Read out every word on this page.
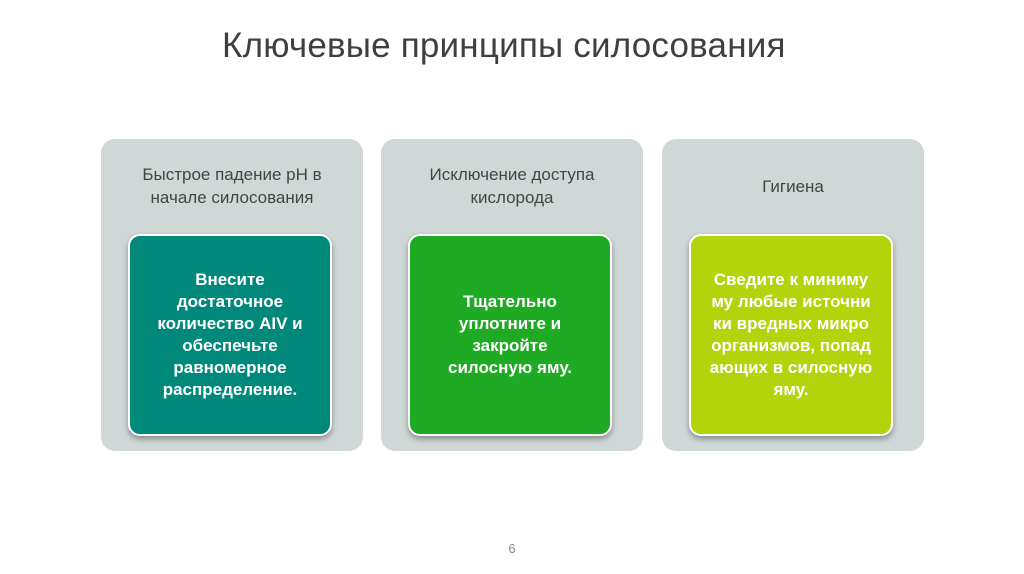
Ключевые принципы силосования
Быстрое падение pH в
начале силосования
Внесите достаточное количество AIV и обеспечьте равномерное распределение.
Исключение доступа
кислорода
Тщательно уплотните и закройте силосную яму.
Гигиена
Сведите к минимуму любые источники вредных микроорганизмов, попадающих в силосную яму.
6
